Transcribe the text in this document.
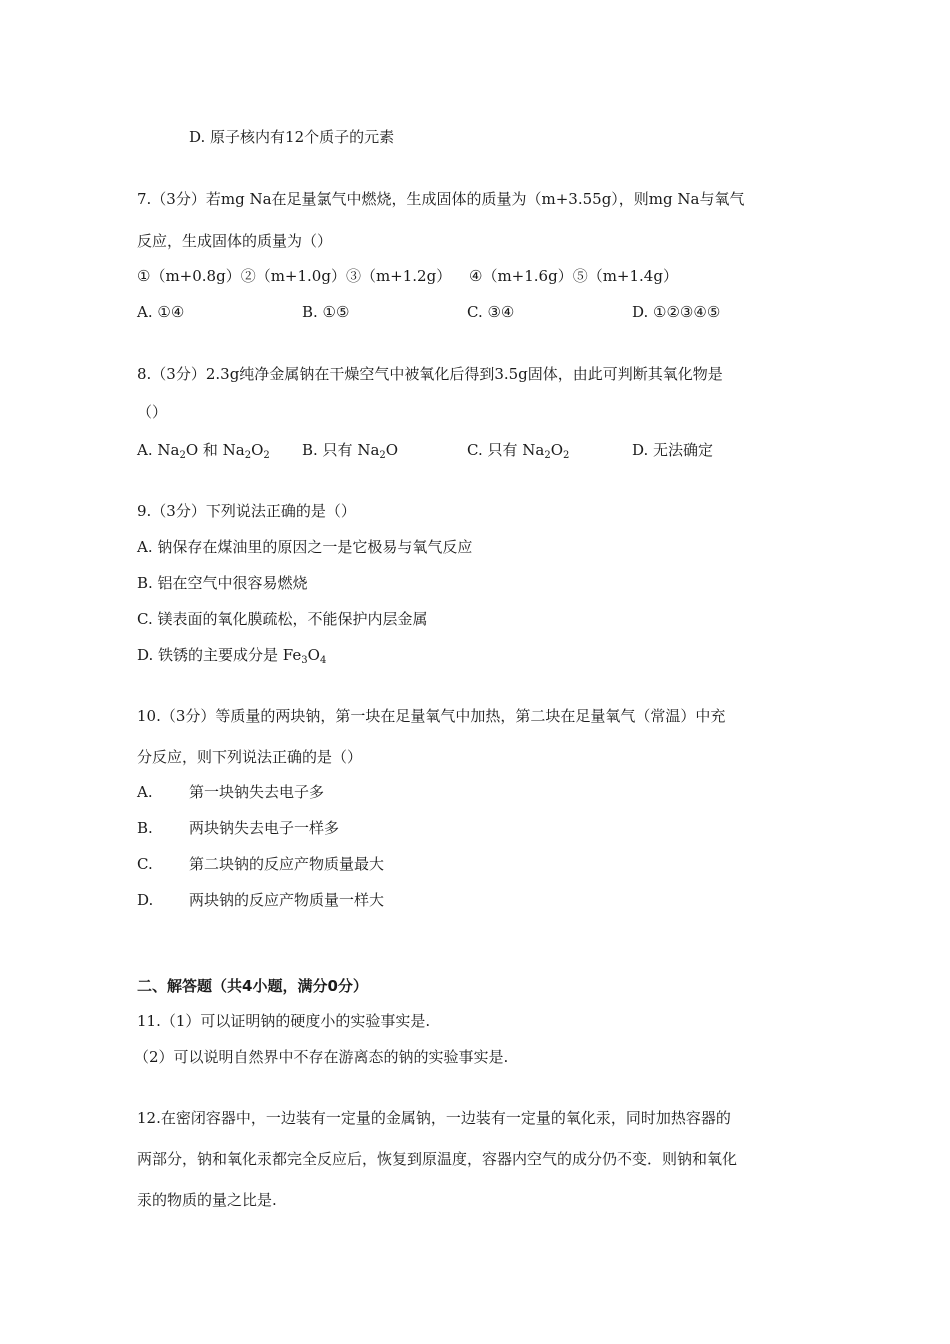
D. 原子核内有12个质子的元素
7.（3分）若mg Na在足量氯气中燃烧，生成固体的质量为（m+3.55g），则mg Na与氧气
反应，生成固体的质量为（）
①（m+0.8g）②（m+1.0g）③（m+1.2g） ④（m+1.6g）⑤（m+1.4g）
A. ①④	B. ①⑤	C. ③④	D. ①②③④⑤
8.（3分）2.3g纯净金属钠在干燥空气中被氧化后得到3.5g固体，由此可判断其氧化物是
（）
A. $Na_2O$ 和 $Na_2O_2$ B. 只有 $Na_2O$	C. 只有 $Na_2O_2$	D. 无法确定
9.（3分）下列说法正确的是（）
A. 钠保存在煤油里的原因之一是它极易与氧气反应
B. 铝在空气中很容易燃烧
C. 镁表面的氧化膜疏松，不能保护内层金属
D. 铁锈的主要成分是 $Fe_3O_4$
10.（3分）等质量的两块钠，第一块在足量氧气中加热，第二块在足量氧气（常温）中充
分反应，则下列说法正确的是（）
A. 第一块钠失去电子多
B. 两块钠失去电子一样多
C. 第二块钠的反应产物质量最大
D. 两块钠的反应产物质量一样大
二、解答题（共4小题，满分0分）
11.（1）可以证明钠的硬度小的实验事实是.
（2）可以说明自然界中不存在游离态的钠的实验事实是.
12.在密闭容器中，一边装有一定量的金属钠，一边装有一定量的氧化汞，同时加热容器的
两部分，钠和氧化汞都完全反应后，恢复到原温度，容器内空气的成分仍不变．则钠和氧化
汞的物质的量之比是.
